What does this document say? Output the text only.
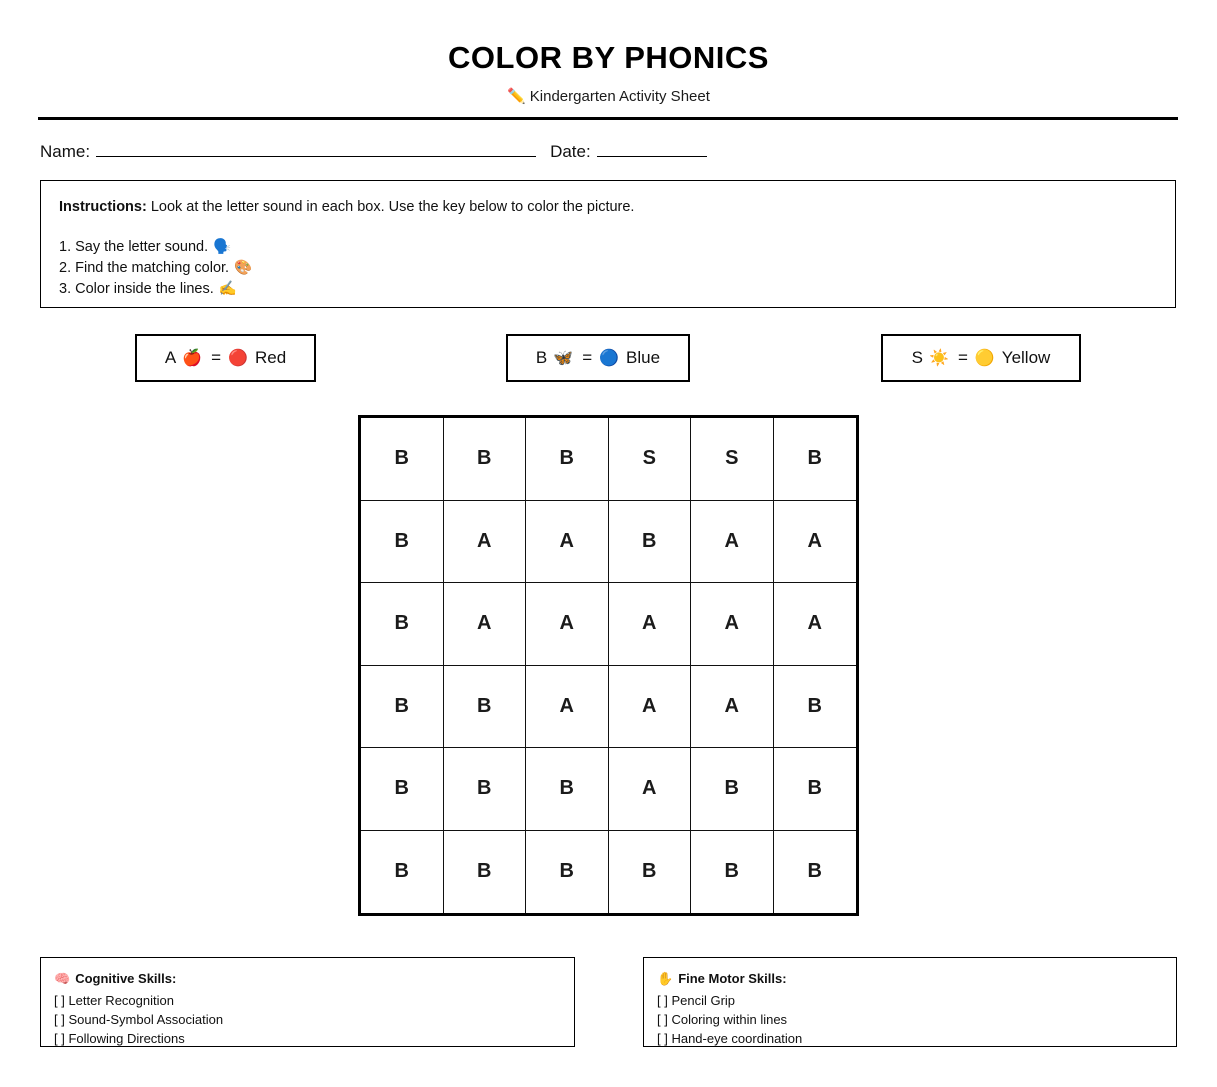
COLOR BY PHONICS
✏️ Kindergarten Activity Sheet
Name:	Date:
Instructions: Look at the letter sound in each box. Use the key below to color the picture.
1. Say the letter sound. 🗣️
2. Find the matching color. 🎨
3. Color inside the lines. ✍️
A 🍎 = 🔴 Red	B 🦋 = 🔵 Blue	S ☀️ = 🟡 Yellow
B	B	B	S	S	B
B	A	A	B	A	A
B	A	A	A	A	A
B	B	A	A	A	B
B	B	B	A	B	B
B	B	B	B	B	B
🧠 Cognitive Skills:
[ ] Letter Recognition
[ ] Sound-Symbol Association
[ ] Following Directions
✋ Fine Motor Skills:
[ ] Pencil Grip
[ ] Coloring within lines
[ ] Hand-eye coordination
